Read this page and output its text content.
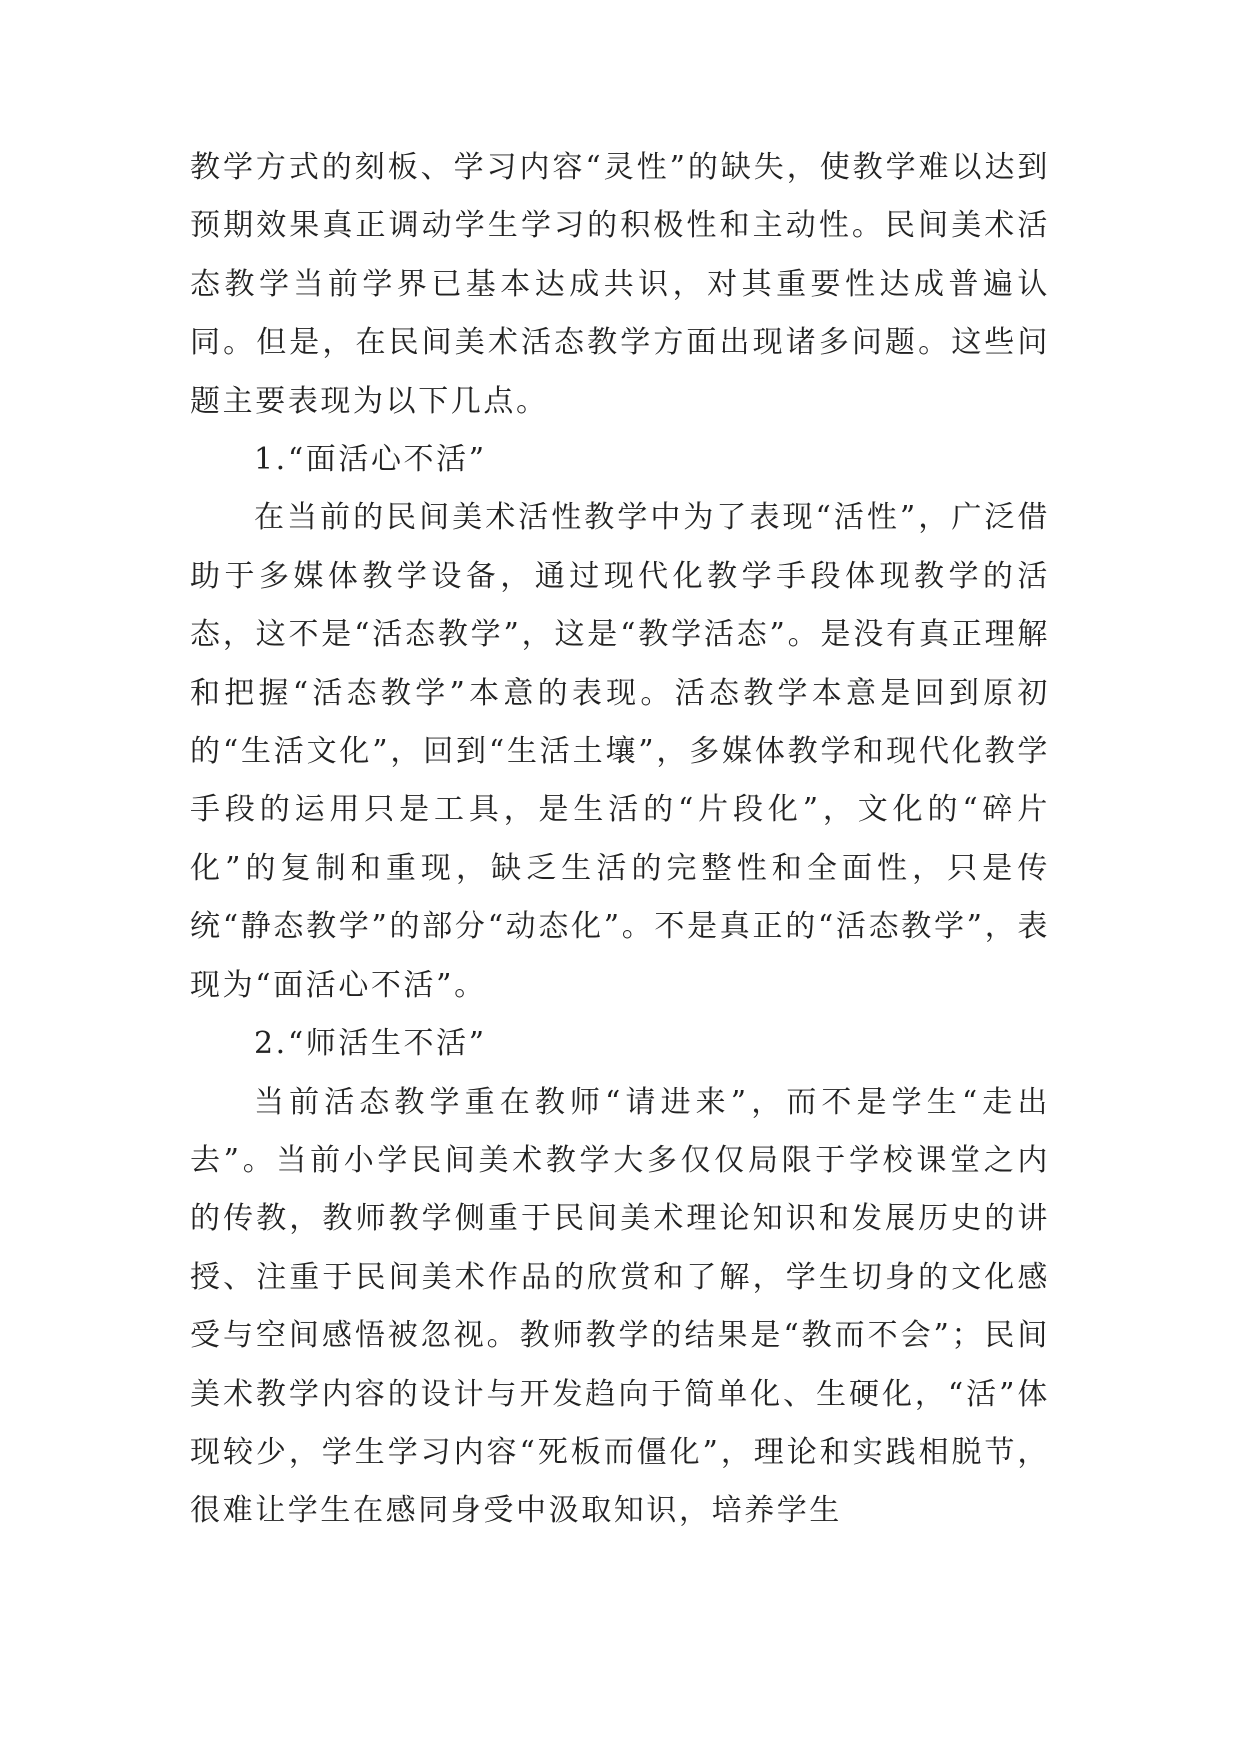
教学方式的刻板、学习内容“灵性”的缺失，使教学难以达到预期效果真正调动学生学习的积极性和主动性。民间美术活态教学当前学界已基本达成共识，对其重要性达成普遍认同。但是，在民间美术活态教学方面出现诸多问题。这些问题主要表现为以下几点。

1.“面活心不活”

在当前的民间美术活性教学中为了表现“活性”，广泛借助于多媒体教学设备，通过现代化教学手段体现教学的活态，这不是“活态教学”，这是“教学活态”。是没有真正理解和把握“活态教学”本意的表现。活态教学本意是回到原初的“生活文化”，回到“生活土壤”，多媒体教学和现代化教学手段的运用只是工具，是生活的“片段化”，文化的“碎片化”的复制和重现，缺乏生活的完整性和全面性，只是传统“静态教学”的部分“动态化”。不是真正的“活态教学”，表现为“面活心不活”。

2.“师活生不活”

当前活态教学重在教师“请进来”，而不是学生“走出去”。当前小学民间美术教学大多仅仅局限于学校课堂之内的传教，教师教学侧重于民间美术理论知识和发展历史的讲授、注重于民间美术作品的欣赏和了解，学生切身的文化感受与空间感悟被忽视。教师教学的结果是“教而不会”；民间美术教学内容的设计与开发趋向于简单化、生硬化，“活”体现较少，学生学习内容“死板而僵化”，理论和实践相脱节，很难让学生在感同身受中汲取知识，培养学生
